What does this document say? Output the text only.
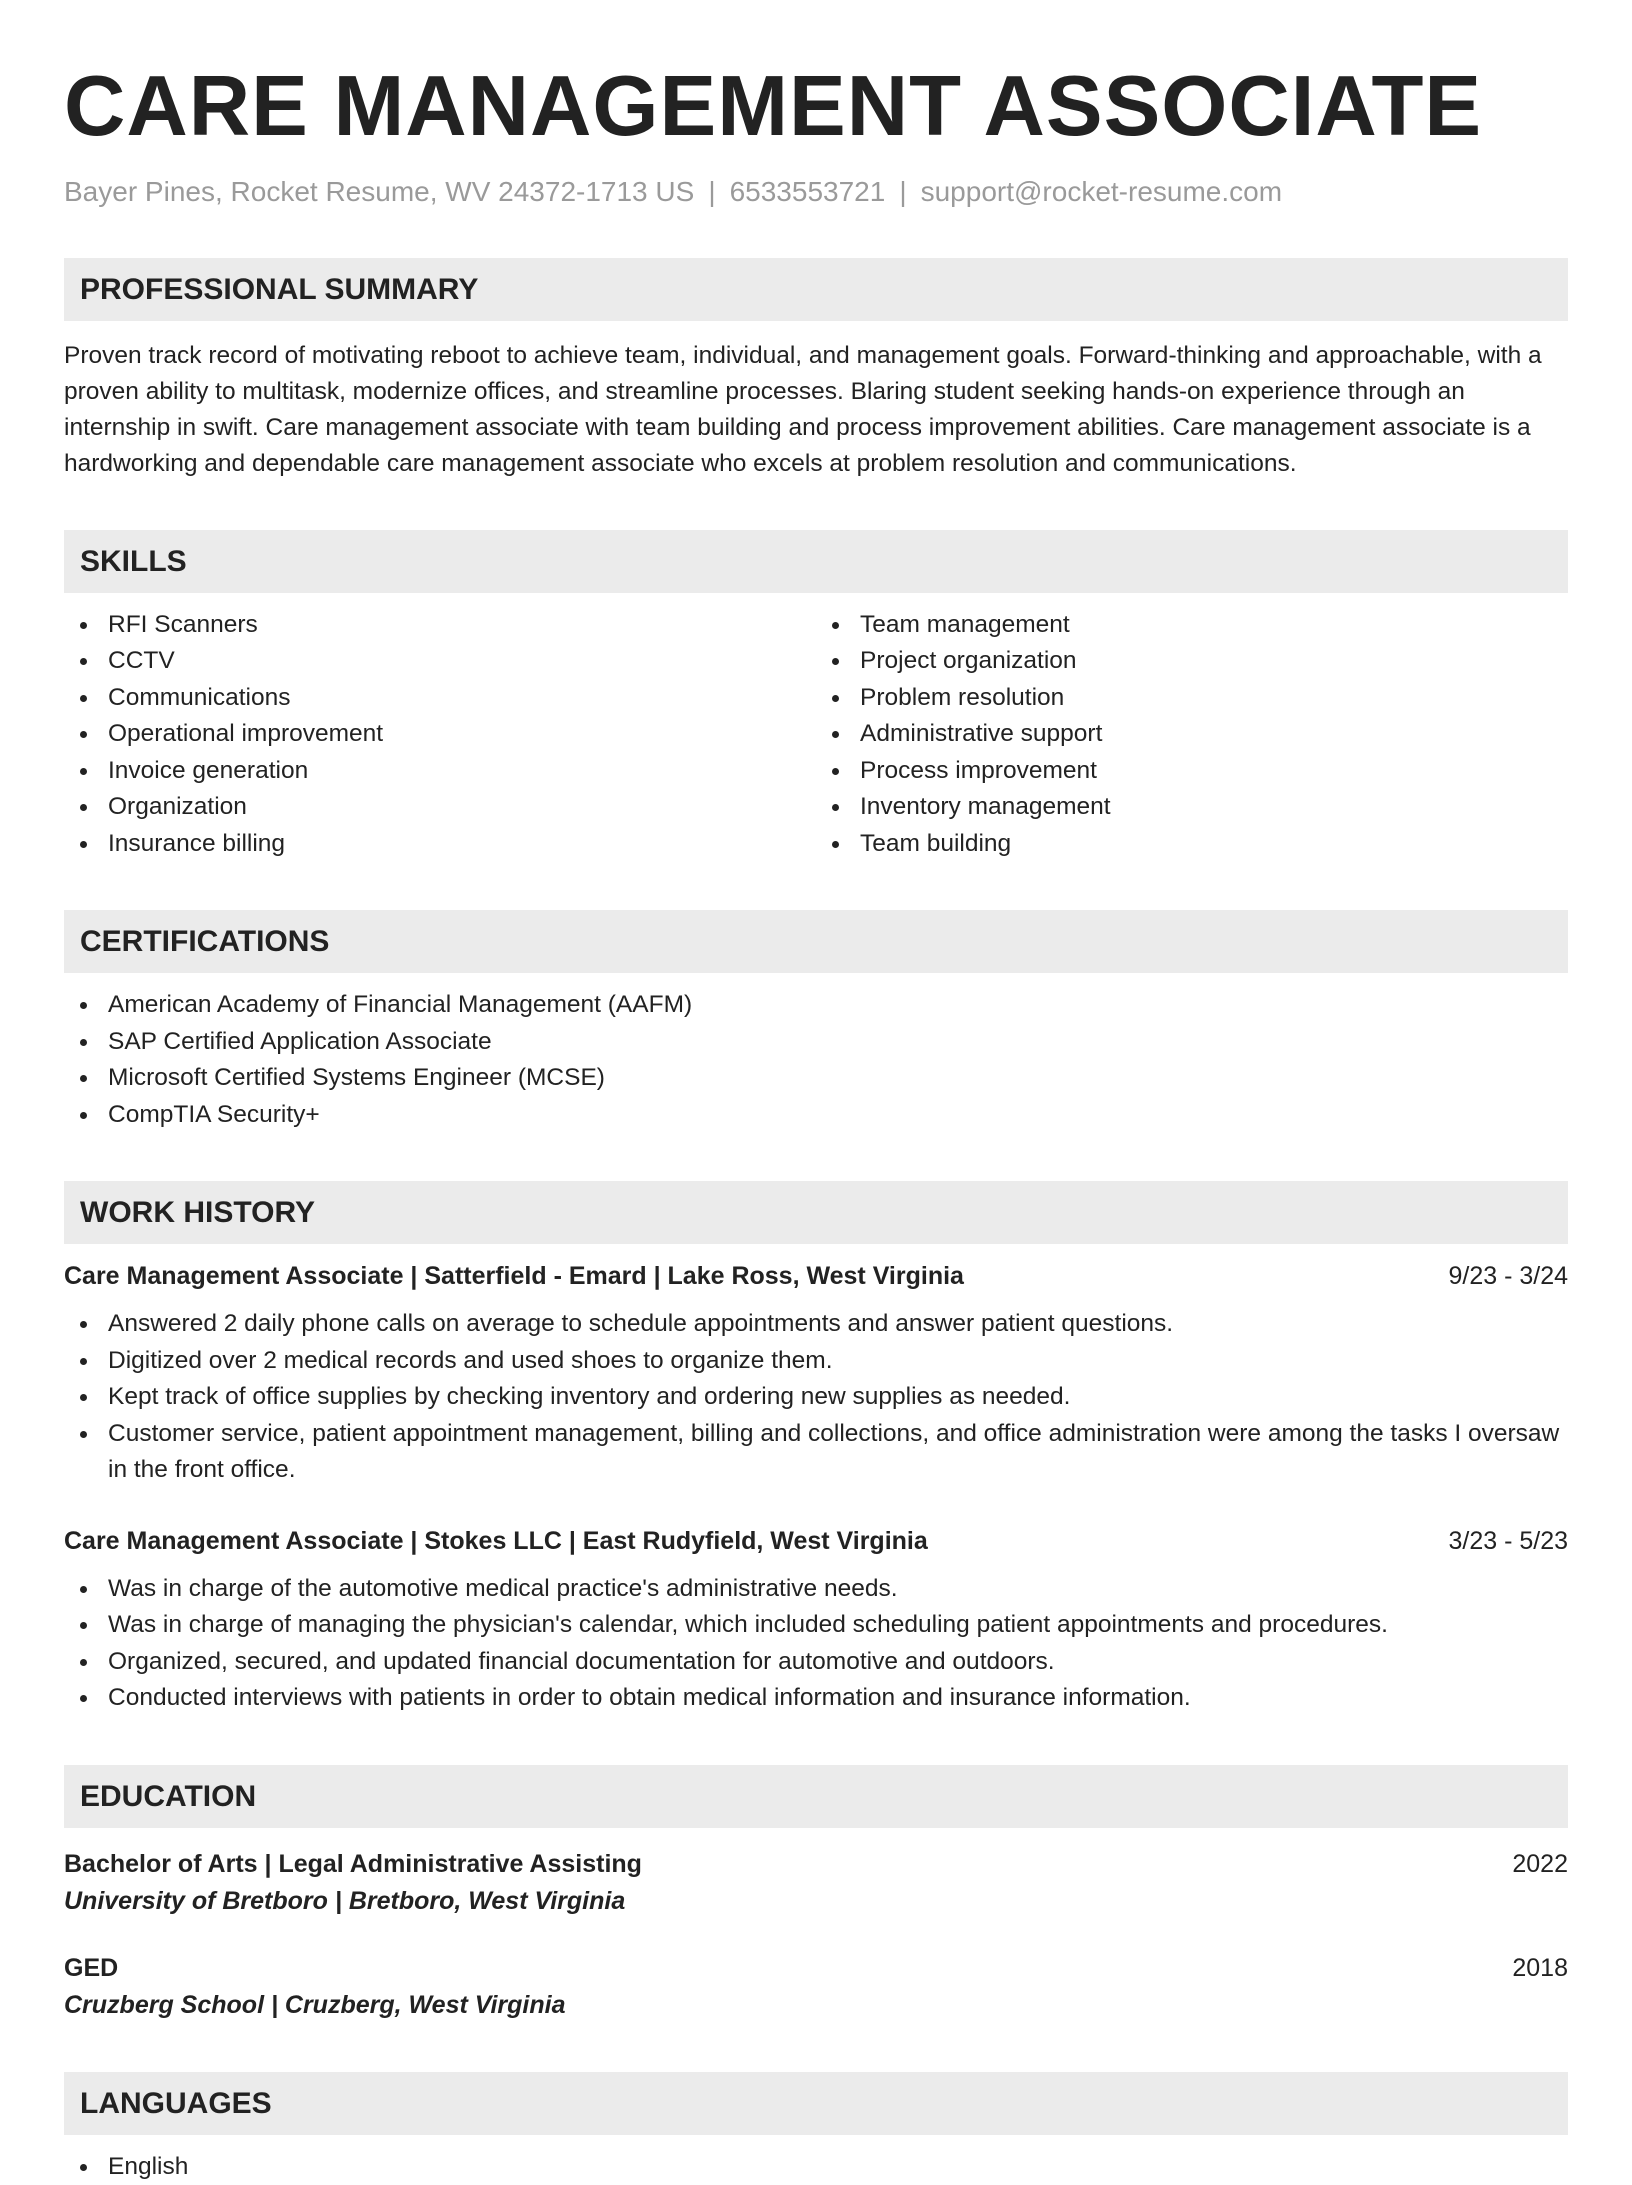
CARE MANAGEMENT ASSOCIATE
Bayer Pines, Rocket Resume, WV 24372-1713 US | 6533553721 | support@rocket-resume.com
PROFESSIONAL SUMMARY

Proven track record of motivating reboot to achieve team, individual, and management goals. Forward-thinking and approachable, with a proven ability to multitask, modernize offices, and streamline processes. Blaring student seeking hands-on experience through an internship in swift. Care management associate with team building and process improvement abilities. Care management associate is a hardworking and dependable care management associate who excels at problem resolution and communications.

SKILLS
RFI Scanners
CCTV
Communications
Operational improvement
Invoice generation
Organization
Insurance billing
Team management
Project organization
Problem resolution
Administrative support
Process improvement
Inventory management
Team building
CERTIFICATIONS
American Academy of Financial Management (AAFM)
SAP Certified Application Associate
Microsoft Certified Systems Engineer (MCSE)
CompTIA Security+
WORK HISTORY
Care Management Associate | Satterfield - Emard | Lake Ross, West Virginia	9/23 - 3/24
Answered 2 daily phone calls on average to schedule appointments and answer patient questions.
Digitized over 2 medical records and used shoes to organize them.
Kept track of office supplies by checking inventory and ordering new supplies as needed.
Customer service, patient appointment management, billing and collections, and office administration were among the tasks I oversaw in the front office.
Care Management Associate | Stokes LLC | East Rudyfield, West Virginia	3/23 - 5/23
Was in charge of the automotive medical practice's administrative needs.
Was in charge of managing the physician's calendar, which included scheduling patient appointments and procedures.
Organized, secured, and updated financial documentation for automotive and outdoors.
Conducted interviews with patients in order to obtain medical information and insurance information.
EDUCATION
Bachelor of Arts | Legal Administrative Assisting	2022
University of Bretboro | Bretboro, West Virginia
GED	2018
Cruzberg School | Cruzberg, West Virginia
LANGUAGES
English
